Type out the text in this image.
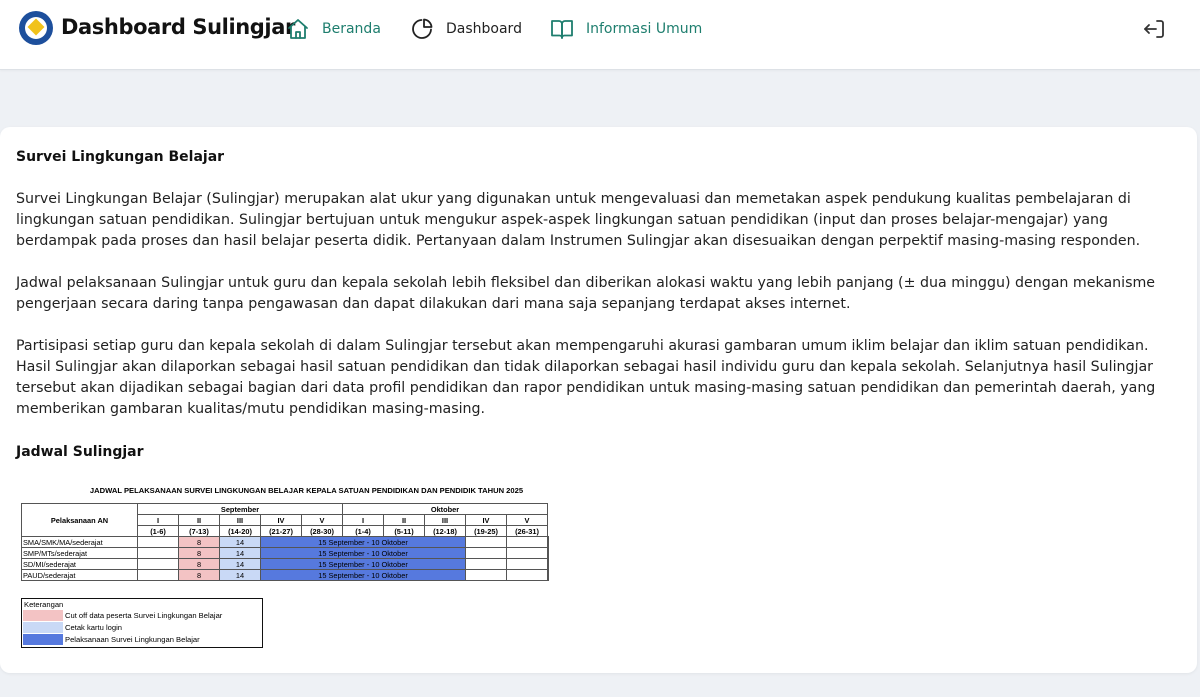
Dashboard Sulingjar Beranda	Dashboard	Informasi Umum
Survei Lingkungan Belajar

Survei Lingkungan Belajar (Sulingjar) merupakan alat ukur yang digunakan untuk mengevaluasi dan memetakan aspek pendukung kualitas pembelajaran di lingkungan satuan pendidikan. Sulingjar bertujuan untuk mengukur aspek-aspek lingkungan satuan pendidikan (input dan proses belajar-mengajar) yang berdampak pada proses dan hasil belajar peserta didik. Pertanyaan dalam Instrumen Sulingjar akan disesuaikan dengan perpektif masing-masing responden.

Jadwal pelaksanaan Sulingjar untuk guru dan kepala sekolah lebih fleksibel dan diberikan alokasi waktu yang lebih panjang (± dua minggu) dengan mekanisme pengerjaan secara daring tanpa pengawasan dan dapat dilakukan dari mana saja sepanjang terdapat akses internet.

Partisipasi setiap guru dan kepala sekolah di dalam Sulingjar tersebut akan mempengaruhi akurasi gambaran umum iklim belajar dan iklim satuan pendidikan. Hasil Sulingjar akan dilaporkan sebagai hasil satuan pendidikan dan tidak dilaporkan sebagai hasil individu guru dan kepala sekolah. Selanjutnya hasil Sulingjar tersebut akan dijadikan sebagai bagian dari data profil pendidikan dan rapor pendidikan untuk masing-masing satuan pendidikan dan pemerintah daerah, yang memberikan gambaran kualitas/mutu pendidikan masing-masing.

Jadwal Sulingjar
JADWAL PELAKSANAAN SURVEI LINGKUNGAN BELAJAR KEPALA SATUAN PENDIDIKAN DAN PENDIDIK TAHUN 2025
Pelaksanaan AN	September					Oktober					
	I	II	III	IV	V	I	II	III	IV	V	
	(1-6)	(7-13)	(14-20)	(21-27)	(28-30)	(1-4)	(5-11)	(12-18)	(19-25)	(26-31)	
SMA/SMK/MA/sederajat		8	14	15 September - 10 Oktober							
SMP/MTs/sederajat		8	14	15 September - 10 Oktober							
SD/MI/sederajat		8	14	15 September - 10 Oktober							
PAUD/sederajat		8	14	15 September - 10 Oktober							
Keterangan
Cut off data peserta Survei Lingkungan Belajar
Cetak kartu login
Pelaksanaan Survei Lingkungan Belajar
